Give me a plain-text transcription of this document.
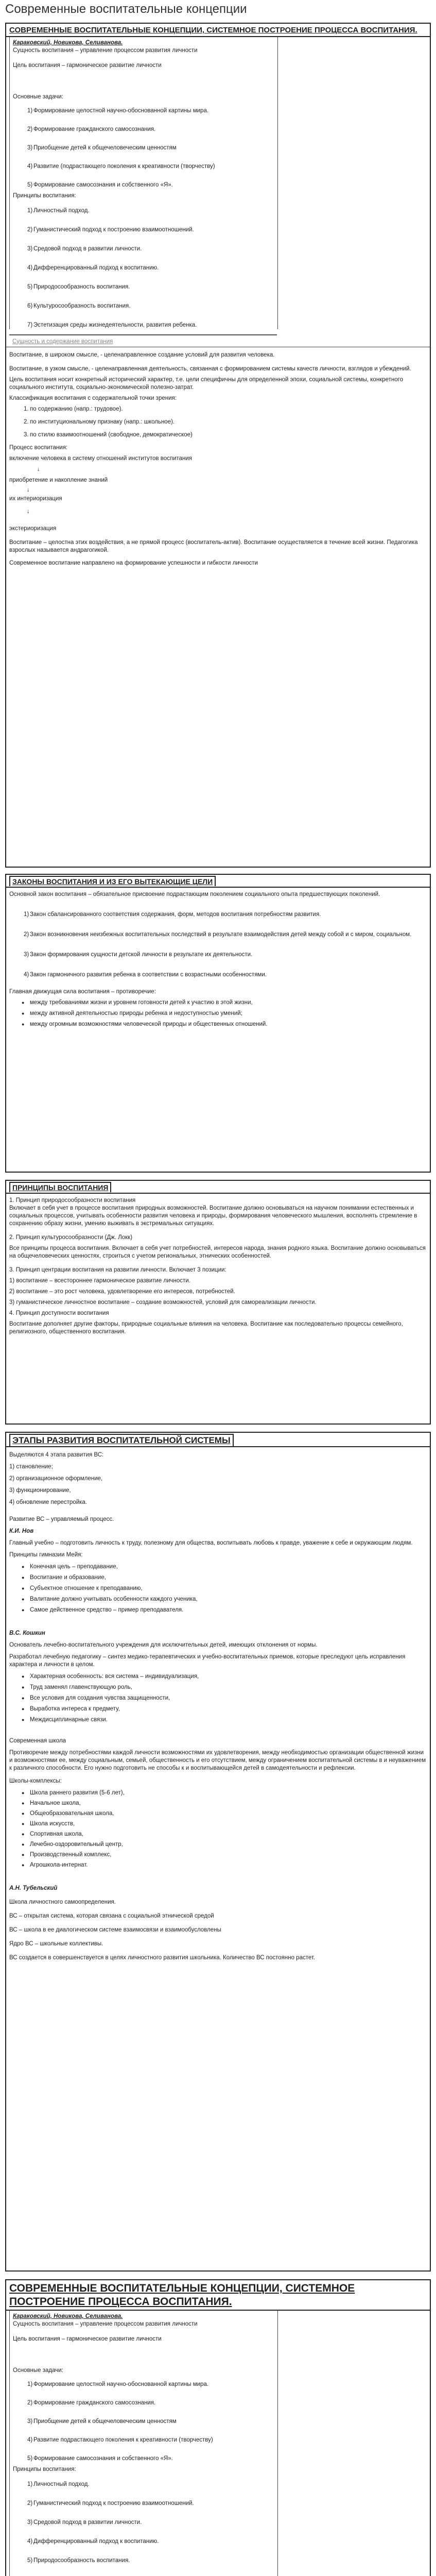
Современные воспитательные концепции
СОВРЕМЕННЫЕ ВОСПИТАТЕЛЬНЫЕ КОНЦЕПЦИИ, СИСТЕМНОЕ ПОСТРОЕНИЕ ПРОЦЕССА ВОСПИТАНИЯ.

Караковский, Новикова, Селиванова.

Сущность воспитания – управление процессом развития личности

Цель воспитания – гармоническое развитие личности

Основные задачи:

1) Формирование целостной научно-обоснованной картины мира.
2) Формирование гражданского самосознания.
3) Приобщение детей к общечеловеческим ценностям
4) Развитие (подрастающего поколения к креативности (творчеству)
5) Формирование самосознания и собственного «Я».

Принципы воспитания:

1) Личностный подход.
2) Гуманистический подход к построению взаимоотношений.
3) Средовой подход в развитии личности.
4) Дифференцированный подход к воспитанию.
5) Природосообразность воспитания.
6) Культуросообразность воспитания.
7) Эстетизация среды жизнедеятельности, развития ребенка.

Сущность и cодержание воспитания

Воспитание, в широком смысле, - целенаправленное создание условий для развития человека.

Воспитание, в узком смысле, - целенаправленная деятельность, связанная с формированием системы качеств личности, взглядов и убеждений.

Цель воспитания носит конкретный исторический характер, т.е. цели специфичны для определенной эпохи, социальной системы, конкретного социального института, социально-экономической полезно-затрат.

Классификация воспитания с содержательной точки зрения:

1. по содержанию (напр.: трудовое).
2. по институциональному признаку (напр.: школьное).
3. по стилю взаимоотношений (свободное, демократическое)

Процесс воспитания:

включение человека в систему отношений институтов воспитания

↓

приобретение и накопление знаний

↓

их интериоризация

↓

экстериоризация

Воспитание – целостна этих воздействия, а не прямой процесс (воспитатель-актив). Воспитание осуществляется в течение всей жизни. Педагогика взрослых называется андрагогикой.

Современное воспитание направлено на формирование успешности и гибкости личности

ЗАКОНЫ ВОСПИТАНИЯ И ИЗ ЕГО ВЫТЕКАЮЩИЕ ЦЕЛИ

Основной закон воспитания – обязательное присвоение подрастающим поколением социального опыта предшествующих поколений.

1) Закон сбалансированного соответствия содержания, форм, методов воспитания потребностям развития.
2) Закон возникновения неизбежных воспитательных последствий в результате взаимодействия детей между собой и с миром, социальном.
3) Закон формирования сущности детской личности в результате их деятельности.
4) Закон гармоничного развития ребенка в соответствии с возрастными особенностями.

Главная движущая сила воспитания – противоречие:

● между требованиями жизни и уровнем готовности детей к участию в этой жизни,
● между активной деятельностью природы ребенка и недоступностью умений;
● между огромным возможностями человеческой природы и общественных отношений.
ПРИНЦИПЫ ВОСПИТАНИЯ

1. Принцип природосообразности воспитания

Включает в себя учет в процессе воспитания природных возможностей. Воспитание должно основываться на научном понимании естественных и социальных процессов, учитывать особенности развития человека и природы, формирования человеческого мышления, восполнять стремление в сохранению образу жизни, умению выживать в экстремальных ситуациях.

2. Принцип культуросообразности (Дж. Локк)

Все принципы процесса воспитания. Включает в себя учет потребностей, интересов народа, знания родного языка. Воспитание должно основываться на общечеловеческих ценностях, строиться с учетом региональных, этнических особенностей.

3. Принцип центрации воспитания на развитии личности. Включает 3 позиции:

1) воспитание – всестороннее гармоническое развитие личности.

2) воспитание – это рост человека, удовлетворение его интересов, потребностей.

3) гуманистическое личностное воспитание – создание возможностей, условий для самореализации личности.

4. Принцип доступности воспитания

Воспитание дополняет другие факторы, природные социальные влияния на человека. Воспитание как последовательно процессы семейного, религиозного, общественного воспитания.

ЭТАПЫ РАЗВИТИЯ ВОСПИТАТЕЛЬНОЙ СИСТЕМЫ

Выделяются 4 этапа развития ВС:

1) становление;

2) организационное оформление,

3) функционирование,

4) обновление перестройка.

Развитие ВС – управляемый процесс.

К.И. Нов

Главный учебно – подготовить личность к труду, полезному для общества, воспитывать любовь к правде, уважение к себе и окружающим людям.

Принципы гимназии Мейя:

● Конечная цель – преподавание,
● Воспитание и образование,
● Субъектное отношение к преподаванию,
● Валитание должно учитывать особенности каждого ученика,
● Самое действенное средство – пример преподавателя.

В.С. Кошкин

Основатель лечебно-воспитательного учреждения для исключительных детей, имеющих отклонения от нормы.

Разработал лечебную педагогику – синтез медико-терапевтических и учебно-воспитательных приемов, которые преследуют цель исправления характера и личности в целом.

● Характерная особенность: вся система – индивидуализация,
● Труд заменял главенствующую роль,
● Все условия для создания чувства защищенности,
● Выработка интереса к предмету,
● Междисциплинарные связи.

Современная школа

Противоречие между потребностями каждой личности возможностями их удовлетворения, между необходимостью организации общественной жизни и возможностями ее, между социальным, семьей, общественность и его отсутствием, между ограничением воспитательной системы в и неуважением к различного способности. Его нужно подготовить не способы к и воспитывающейся детей в самодеятельности и рефлексии.

Школы-комплексы:

● Школа раннего развития (5-6 лет),
● Начальное школа,
● Общеобразовательная школа,
● Школа искусств,
● Спортивная школа,
● Лечебно-оздоровительный центр,
● Производственный комплекс,
● Агрошкола-интернат.

А.Н. Тубельский

Школа личностного самоопределения.

ВС – открытая система, которая связана с социальной этнической средой

ВС – школа в ее диалогическом системе взаимосвязи и взаимообусловлены

Ядро ВС – школьные коллективы.

ВС создается в совершенствуется в целях личностного развития школьника. Количество ВС постоянно растет.

СОВРЕМЕННЫЕ ВОСПИТАТЕЛЬНЫЕ КОНЦЕПЦИИ, СИСТЕМНОЕ ПОСТРОЕНИЕ ПРОЦЕССА ВОСПИТАНИЯ.

Караковский, Новикова, Селиванова.

Сущность воспитания – управление процессом развития личности

Цель воспитания – гармоническое развитие личности

Основные задачи:

1) Формирование целостной научно-обоснованной картины мира.
2) Формирование гражданского самосознания.
3) Приобщение детей к общечеловеческим ценностям
4) Развитие подрастающего поколения к креативности (творчеству)
5) Формирование самосознания и собственного «Я».

Принципы воспитания:

1) Личностный подход.
2) Гуманистический подход к построению взаимоотношений.
3) Средовой подход в развитии личности.
4) Дифференцированный подход к воспитанию.
5) Природосообразность воспитания.
